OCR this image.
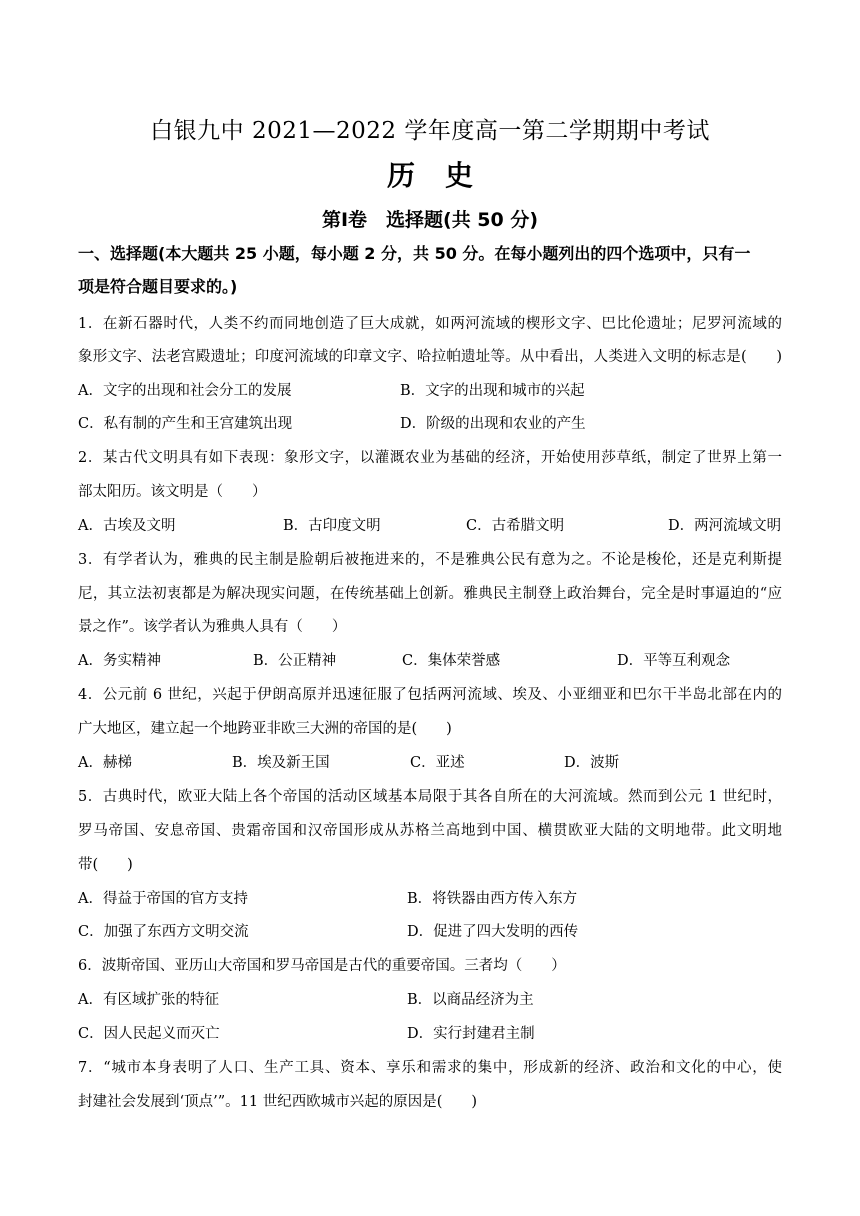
白银九中 2021—2022 学年度高一第二学期期中考试
历史
第Ⅰ卷　选择题(共 50 分)
一、选择题(本大题共 25 小题，每小题 2 分，共 50 分。在每小题列出的四个选项中，只有一
项是符合题目要求的。)
1．在新石器时代，人类不约而同地创造了巨大成就，如两河流域的楔形文字、巴比伦遗址；尼罗河流域的
象形文字、法老宫殿遗址；印度河流域的印章文字、哈拉帕遗址等。从中看出，人类进入文明的标志是(　　)
A．文字的出现和社会分工的发展	B．文字的出现和城市的兴起
C．私有制的产生和王宫建筑出现	D．阶级的出现和农业的产生
2．某古代文明具有如下表现：象形文字，以灌溉农业为基础的经济，开始使用莎草纸，制定了世界上第一
部太阳历。该文明是（　　）
A．古埃及文明	B．古印度文明	C．古希腊文明	D．两河流域文明
3．有学者认为，雅典的民主制是脸朝后被拖进来的，不是雅典公民有意为之。不论是梭伦，还是克利斯提
尼，其立法初衷都是为解决现实问题，在传统基础上创新。雅典民主制登上政治舞台，完全是时事逼迫的“应
景之作”。该学者认为雅典人具有（　　）
A．务实精神	B．公正精神	C．集体荣誉感	D．平等互利观念
4．公元前 6 世纪，兴起于伊朗高原并迅速征服了包括两河流域、埃及、小亚细亚和巴尔干半岛北部在内的
广大地区，建立起一个地跨亚非欧三大洲的帝国的是(　　)
A．赫梯	B．埃及新王国	C．亚述	D．波斯
5．古典时代，欧亚大陆上各个帝国的活动区域基本局限于其各自所在的大河流域。然而到公元 1 世纪时，
罗马帝国、安息帝国、贵霜帝国和汉帝国形成从苏格兰高地到中国、横贯欧亚大陆的文明地带。此文明地
带(　　)
A．得益于帝国的官方支持	B．将铁器由西方传入东方
C．加强了东西方文明交流	D．促进了四大发明的西传
6．波斯帝国、亚历山大帝国和罗马帝国是古代的重要帝国。三者均（　　）
A．有区域扩张的特征	B．以商品经济为主
C．因人民起义而灭亡	D．实行封建君主制
7．“城市本身表明了人口、生产工具、资本、享乐和需求的集中，形成新的经济、政治和文化的中心，使
封建社会发展到‘顶点’”。11 世纪西欧城市兴起的原因是(　　)
